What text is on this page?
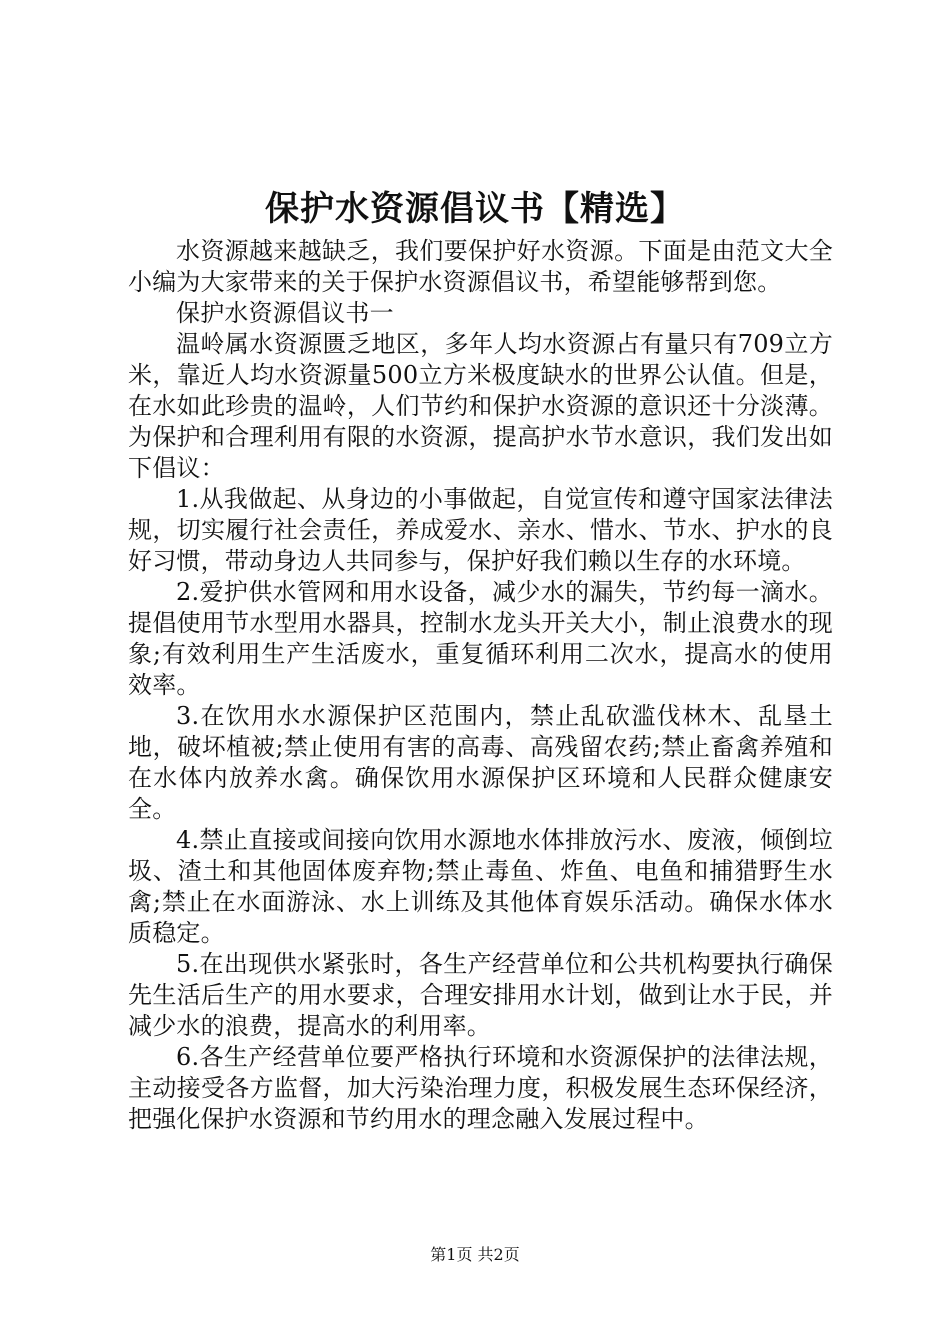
保护水资源倡议书【精选】

水资源越来越缺乏，我们要保护好水资源。下面是由范文大全小编为大家带来的关于保护水资源倡议书，希望能够帮到您。

保护水资源倡议书一

温岭属水资源匮乏地区，多年人均水资源占有量只有709立方米，靠近人均水资源量500立方米极度缺水的世界公认值。但是，在水如此珍贵的温岭，人们节约和保护水资源的意识还十分淡薄。为保护和合理利用有限的水资源，提高护水节水意识，我们发出如下倡议：

1.从我做起、从身边的小事做起，自觉宣传和遵守国家法律法规，切实履行社会责任，养成爱水、亲水、惜水、节水、护水的良好习惯，带动身边人共同参与，保护好我们赖以生存的水环境。

2.爱护供水管网和用水设备，减少水的漏失，节约每一滴水。提倡使用节水型用水器具，控制水龙头开关大小，制止浪费水的现象;有效利用生产生活废水，重复循环利用二次水，提高水的使用效率。

3.在饮用水水源保护区范围内，禁止乱砍滥伐林木、乱垦土地，破坏植被;禁止使用有害的高毒、高残留农药;禁止畜禽养殖和在水体内放养水禽。确保饮用水源保护区环境和人民群众健康安全。

4.禁止直接或间接向饮用水源地水体排放污水、废液，倾倒垃圾、渣土和其他固体废弃物;禁止毒鱼、炸鱼、电鱼和捕猎野生水禽;禁止在水面游泳、水上训练及其他体育娱乐活动。确保水体水质稳定。

5.在出现供水紧张时，各生产经营单位和公共机构要执行确保先生活后生产的用水要求，合理安排用水计划，做到让水于民，并减少水的浪费，提高水的利用率。

6.各生产经营单位要严格执行环境和水资源保护的法律法规，主动接受各方监督，加大污染治理力度，积极发展生态环保经济，把强化保护水资源和节约用水的理念融入发展过程中。

第1页 共2页
